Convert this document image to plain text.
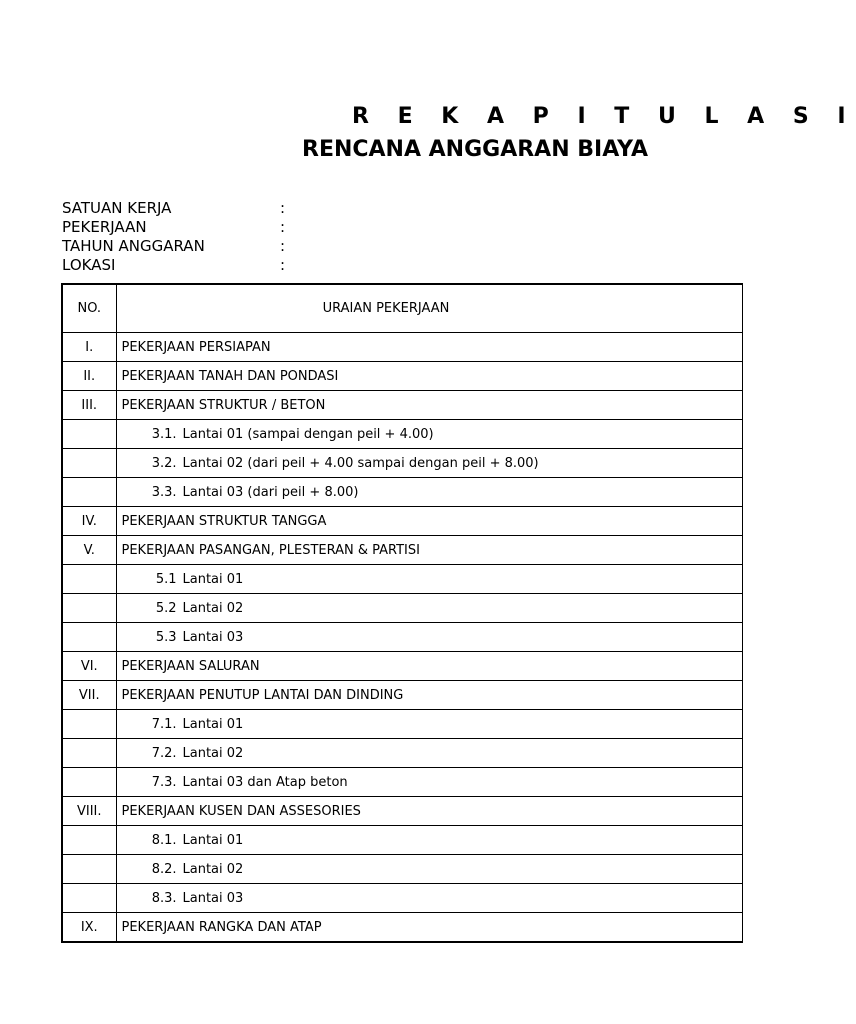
R E K A P I T U L A S I
RENCANA ANGGARAN BIAYA
SATUAN KERJA	:
PEKERJAAN	:
TAHUN ANGGARAN	:
LOKASI	:
NO.	URAIAN PEKERJAAN
I.	PEKERJAAN PERSIAPAN
II.	PEKERJAAN TANAH DAN PONDASI
III.	PEKERJAAN STRUKTUR / BETON
	3.1. Lantai 01 (sampai dengan peil + 4.00)
	3.2. Lantai 02 (dari peil + 4.00 sampai dengan peil + 8.00)
	3.3. Lantai 03 (dari peil + 8.00)
IV.	PEKERJAAN STRUKTUR TANGGA
V.	PEKERJAAN PASANGAN, PLESTERAN & PARTISI
	5.1 Lantai 01
	5.2 Lantai 02
	5.3 Lantai 03
VI.	PEKERJAAN SALURAN
VII.	PEKERJAAN PENUTUP LANTAI DAN DINDING
	7.1. Lantai 01
	7.2. Lantai 02
	7.3. Lantai 03 dan Atap beton
VIII.	PEKERJAAN KUSEN DAN ASSESORIES
	8.1. Lantai 01
	8.2. Lantai 02
	8.3. Lantai 03
IX.	PEKERJAAN RANGKA DAN ATAP
